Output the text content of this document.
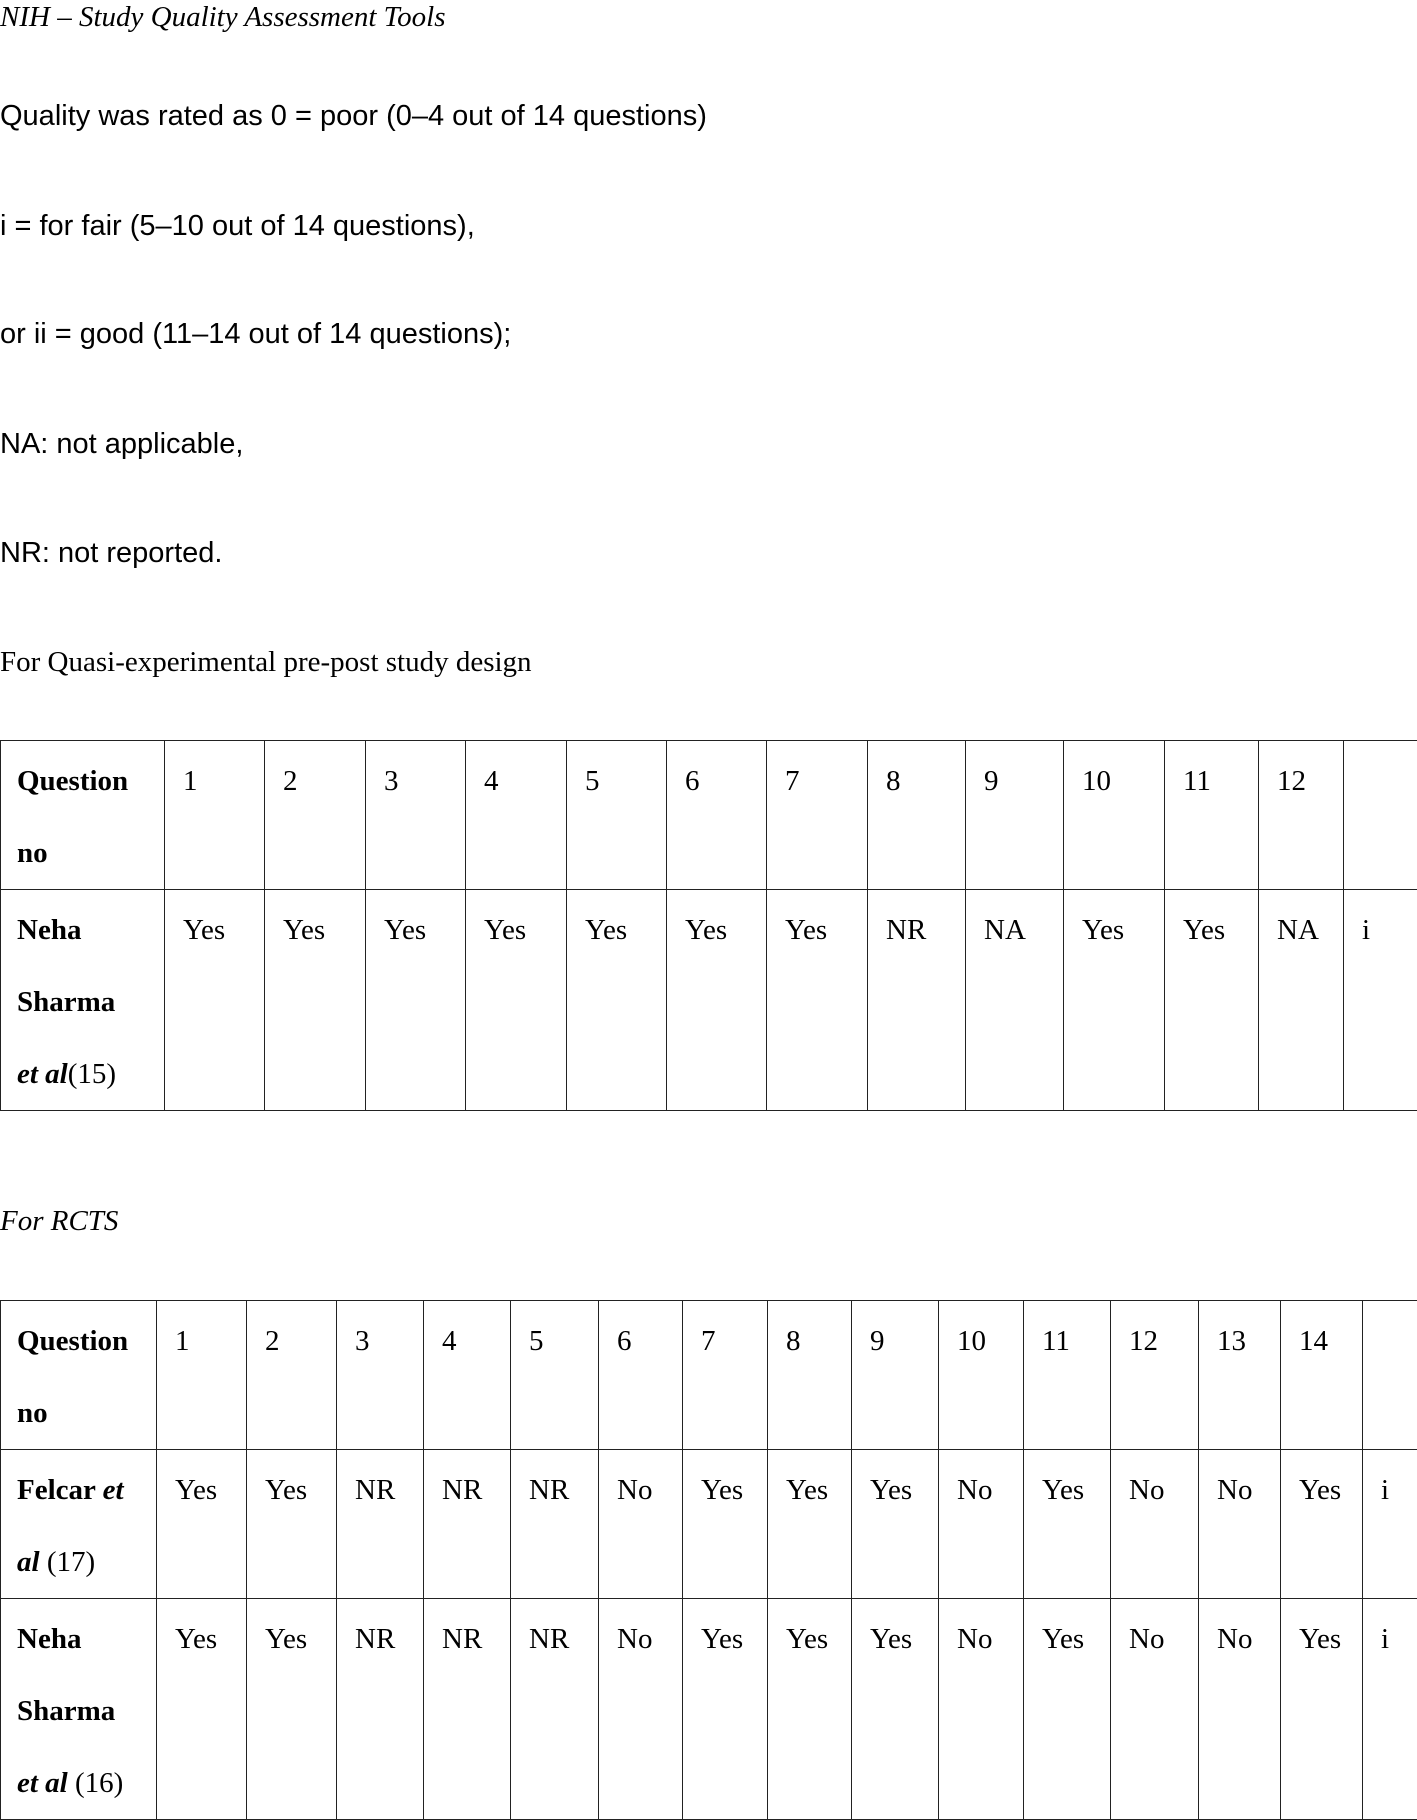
NIH – Study Quality Assessment Tools
Quality was rated as 0 = poor (0–4 out of 14 questions)
i = for fair (5–10 out of 14 questions),
or ii = good (11–14 out of 14 questions);
NA: not applicable,
NR: not reported.
For Quasi-experimental pre-post study design
Question no	1	2	3	4	5	6	7	8	9	10	11	12	

Neha Sharma
et al(15)	Yes	Yes	Yes	Yes	Yes	Yes	Yes	NR	NA	Yes	Yes	NA	i
For RCTS
Question no	1	2	3	4	5	6	7	8	9	10	11	12	13	14	

Felcar et al (17)	Yes	Yes	NR	NR	NR	No	Yes	Yes	Yes	No	Yes	No	No	Yes	i

Neha Sharma
et al (16)	Yes	Yes	NR	NR	NR	No	Yes	Yes	Yes	No	Yes	No	No	Yes	i
